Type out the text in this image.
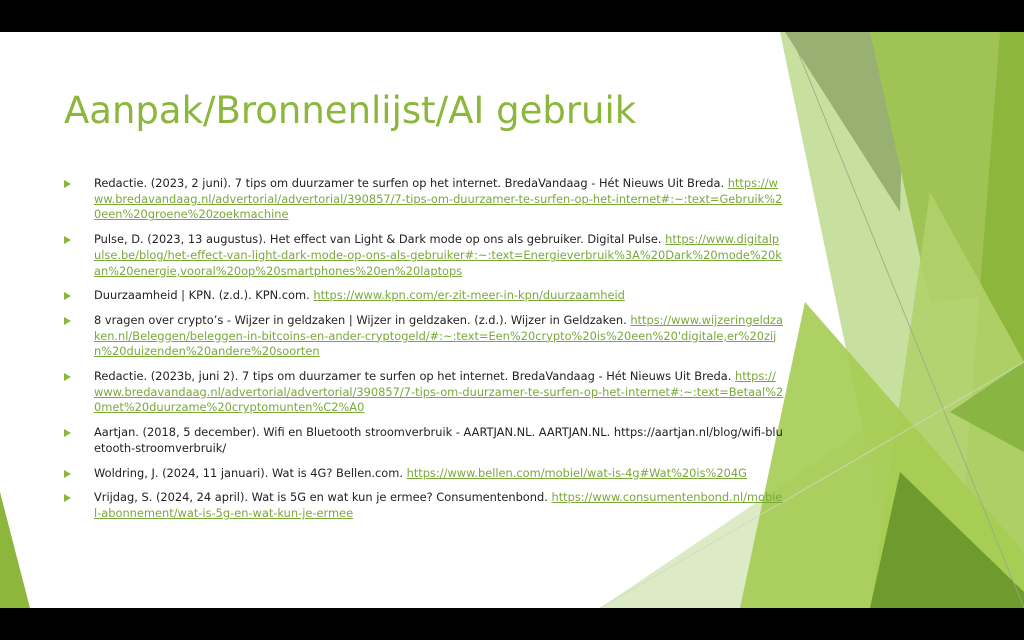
Aanpak/Bronnenlijst/AI gebruik
Redactie. (2023, 2 juni). 7 tips om duurzamer te surfen op het internet. BredaVandaag - Hét Nieuws Uit Breda. https://www.bredavandaag.nl/advertorial/advertorial/390857/7-tips-om-duurzamer-te-surfen-op-het-internet#:~:text=Gebruik%20een%20groene%20zoekmachine
Pulse, D. (2023, 13 augustus). Het effect van Light & Dark mode op ons als gebruiker. Digital Pulse. https://www.digitalpulse.be/blog/het-effect-van-light-dark-mode-op-ons-als-gebruiker#:~:text=Energieverbruik%3A%20Dark%20mode%20kan%20energie,vooral%20op%20smartphones%20en%20laptops
Duurzaamheid | KPN. (z.d.). KPN.com. https://www.kpn.com/er-zit-meer-in-kpn/duurzaamheid
8 vragen over crypto’s - Wijzer in geldzaken | Wijzer in geldzaken. (z.d.). Wijzer in Geldzaken. https://www.wijzeringeldzaken.nl/Beleggen/beleggen-in-bitcoins-en-ander-cryptogeld/#:~:text=Een%20crypto%20is%20een%20'digitale,er%20zijn%20duizenden%20andere%20soorten
Redactie. (2023b, juni 2). 7 tips om duurzamer te surfen op het internet. BredaVandaag - Hét Nieuws Uit Breda. https://www.bredavandaag.nl/advertorial/advertorial/390857/7-tips-om-duurzamer-te-surfen-op-het-internet#:~:text=Betaal%20met%20duurzame%20cryptomunten%C2%A0
Aartjan. (2018, 5 december). Wifi en Bluetooth stroomverbruik - AARTJAN.NL. AARTJAN.NL. https://aartjan.nl/blog/wifi-bluetooth-stroomverbruik/
Woldring, J. (2024, 11 januari). Wat is 4G? Bellen.com. https://www.bellen.com/mobiel/wat-is-4g#Wat%20is%204G
Vrijdag, S. (2024, 24 april). Wat is 5G en wat kun je ermee? Consumentenbond. https://www.consumentenbond.nl/mobiel-abonnement/wat-is-5g-en-wat-kun-je-ermee
